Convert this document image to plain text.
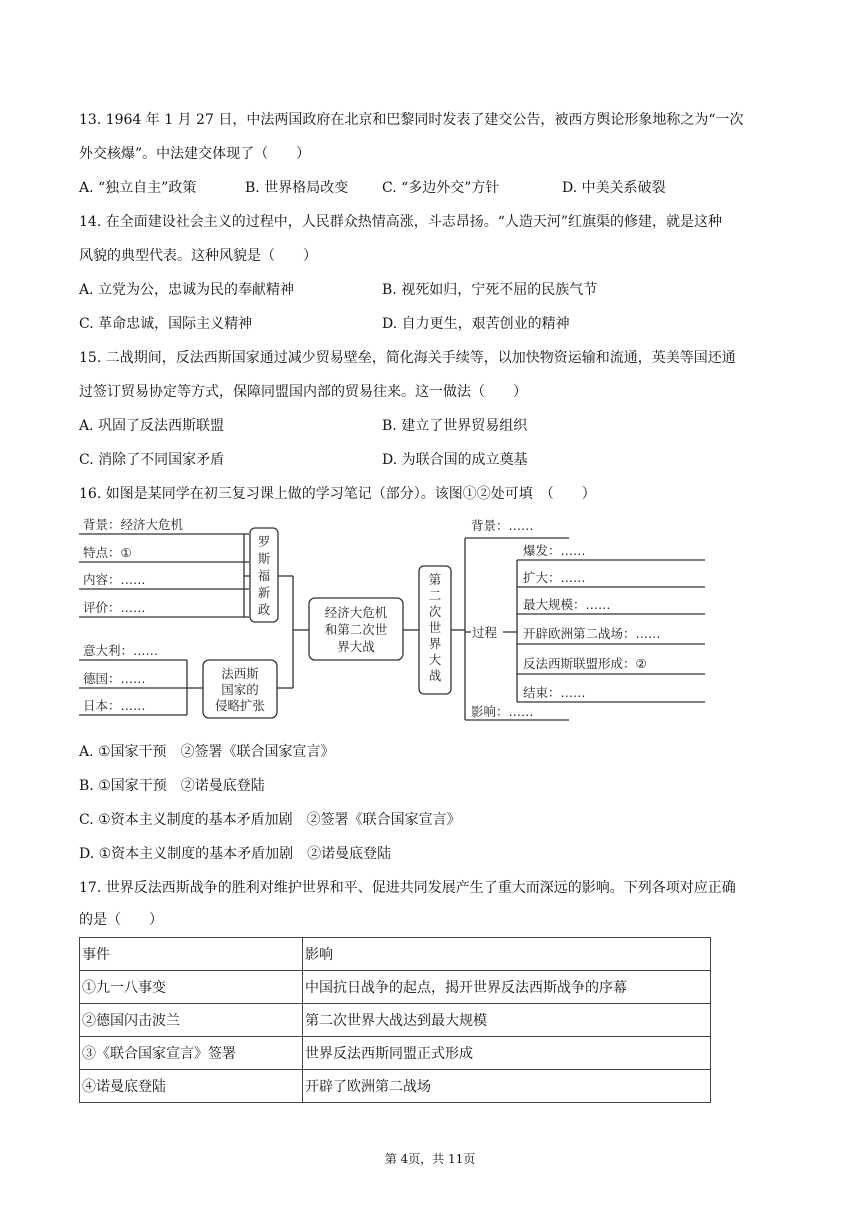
13. 1964 年 1 月 27 日，中法两国政府在北京和巴黎同时发表了建交公告，被西方舆论形象地称之为“一次
外交核爆”。中法建交体现了（　　）
A. “独立自主”政策	B. 世界格局改变 C. “多边外交”方针	D. 中美关系破裂
14. 在全面建设社会主义的过程中，人民群众热情高涨，斗志昂扬。“人造天河”红旗渠的修建，就是这种
风貌的典型代表。这种风貌是（　　）
A. 立党为公，忠诚为民的奉献精神	B. 视死如归，宁死不屈的民族气节
C. 革命忠诚，国际主义精神	D. 自力更生，艰苦创业的精神
15. 二战期间，反法西斯国家通过减少贸易壁垒，简化海关手续等，以加快物资运输和流通，英美等国还通
过签订贸易协定等方式，保障同盟国内部的贸易往来。这一做法（　　）
A. 巩固了反法西斯联盟	B. 建立了世界贸易组织
C. 消除了不同国家矛盾	D. 为联合国的成立奠基
16. 如图是某同学在初三复习课上做的学习笔记（部分）。该图①②处可填　（　　）
背景：经济大危机
特点：①
内容：……
评价：……
罗
斯
福
新
政
意大利：……
德国：……
日本：……
法西斯
国家的
侵略扩张
经济大危机
和第二次世
界大战
第
二
次
世
界
大
战
背景：……
过程
爆发：……
扩大：……
最大规模：……
开辟欧洲第二战场：……
反法西斯联盟形成：②
结束：……
影响：……
A. ①国家干预　②签署《联合国家宣言》
B. ①国家干预　②诺曼底登陆
C. ①资本主义制度的基本矛盾加剧　②签署《联合国家宣言》
D. ①资本主义制度的基本矛盾加剧　②诺曼底登陆
17. 世界反法西斯战争的胜利对维护世界和平、促进共同发展产生了重大而深远的影响。下列各项对应正确
的是（　　）
事件	影响
①九一八事变	中国抗日战争的起点，揭开世界反法西斯战争的序幕
②德国闪击波兰	第二次世界大战达到最大规模
③《联合国家宣言》签署	世界反法西斯同盟正式形成
④诺曼底登陆	开辟了欧洲第二战场
第 4页，共 11页
